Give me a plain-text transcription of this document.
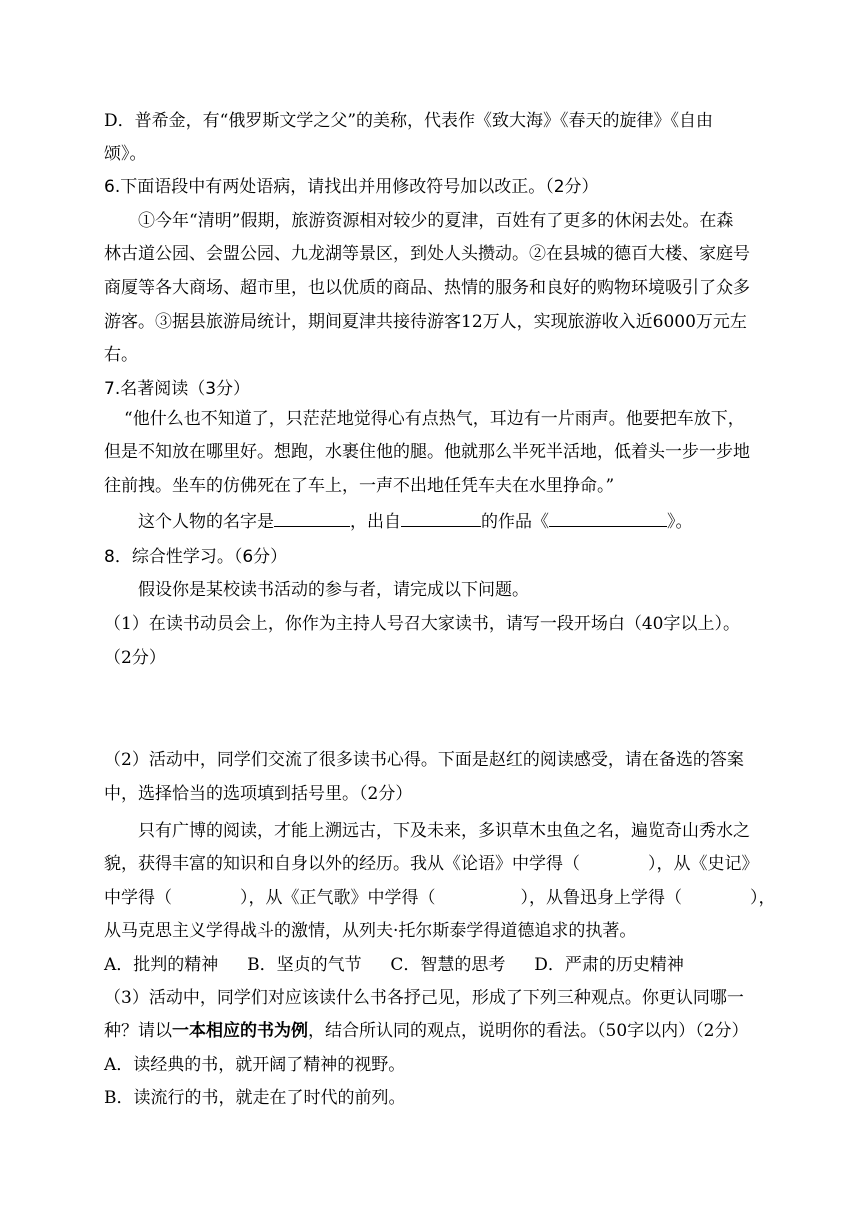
D．普希金，有“俄罗斯文学之父”的美称，代表作《致大海》《春天的旋律》《自由
颂》。
6.下面语段中有两处语病，请找出并用修改符号加以改正。（2分）
①今年“清明”假期，旅游资源相对较少的夏津，百姓有了更多的休闲去处。在森
林古道公园、会盟公园、九龙湖等景区，到处人头攒动。②在县城的德百大楼、家庭号
商厦等各大商场、超市里，也以优质的商品、热情的服务和良好的购物环境吸引了众多
游客。③据县旅游局统计，期间夏津共接待游客12万人，实现旅游收入近6000万元左
右。
7.名著阅读（3分）
“他什么也不知道了，只茫茫地觉得心有点热气，耳边有一片雨声。他要把车放下，
但是不知放在哪里好。想跑，水裹住他的腿。他就那么半死半活地，低着头一步一步地
往前拽。坐车的仿佛死在了车上，一声不出地任凭车夫在水里挣命。”
这个人物的名字是	，出自	的作品《	》。
8．综合性学习。（6分）
假设你是某校读书活动的参与者，请完成以下问题。
（1）在读书动员会上，你作为主持人号召大家读书，请写一段开场白（40字以上）。
（2分）
（2）活动中，同学们交流了很多读书心得。下面是赵红的阅读感受，请在备选的答案
中，选择恰当的选项填到括号里。（2分）
只有广博的阅读，才能上溯远古，下及未来，多识草木虫鱼之名，遍览奇山秀水之
貌，获得丰富的知识和自身以外的经历。我从《论语》中学得（　　　　），从《史记》
中学得（　　　　），从《正气歌》中学得（　　　　　），从鲁迅身上学得（　　　　），
从马克思主义学得战斗的激情，从列夫·托尔斯泰学得道德追求的执著。
A．批判的精神 B．坚贞的气节 C．智慧的思考 D．严肃的历史精神
（3）活动中，同学们对应该读什么书各抒己见，形成了下列三种观点。你更认同哪一
种？请以一本相应的书为例，结合所认同的观点，说明你的看法。（50字以内）（2分）
A．读经典的书，就开阔了精神的视野。
B．读流行的书，就走在了时代的前列。
